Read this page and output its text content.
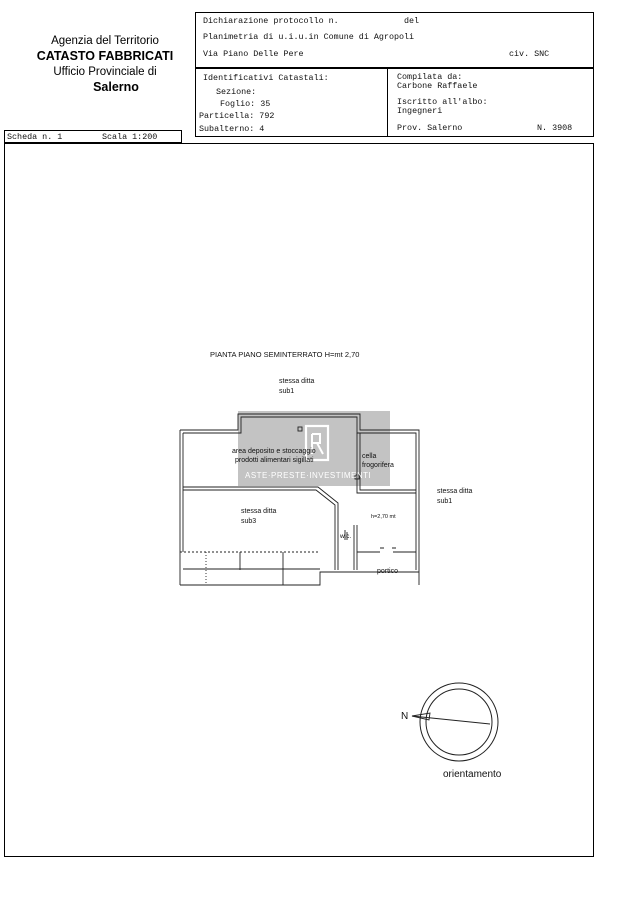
Agenzia del Territorio
CATASTO FABBRICATI
Ufficio Provinciale di
Salerno
Dichiarazione protocollo n.	del
Planimetria di u.i.u.in Comune di Agropoli
Via Piano Delle Pere	civ. SNC
Identificativi Catastali:
Sezione:
Foglio: 35
Particella: 792
Subalterno: 4
Compilata da:
Carbone Raffaele
Iscritto all'albo:
Ingegneri
Prov. Salerno	N. 3908
Scheda n. 1	Scala 1:200
PIANTA PIANO SEMINTERRATO H=mt 2,70
stessa ditta
sub1
area deposito e stoccaggio
prodotti alimentari sigillati
cella
frogorifera
stessa ditta
sub1
stessa ditta
sub3
h=2,70 mt
w.c.
portico
ASTE·PRESTE·INVESTIMENTI
N
orientamento
